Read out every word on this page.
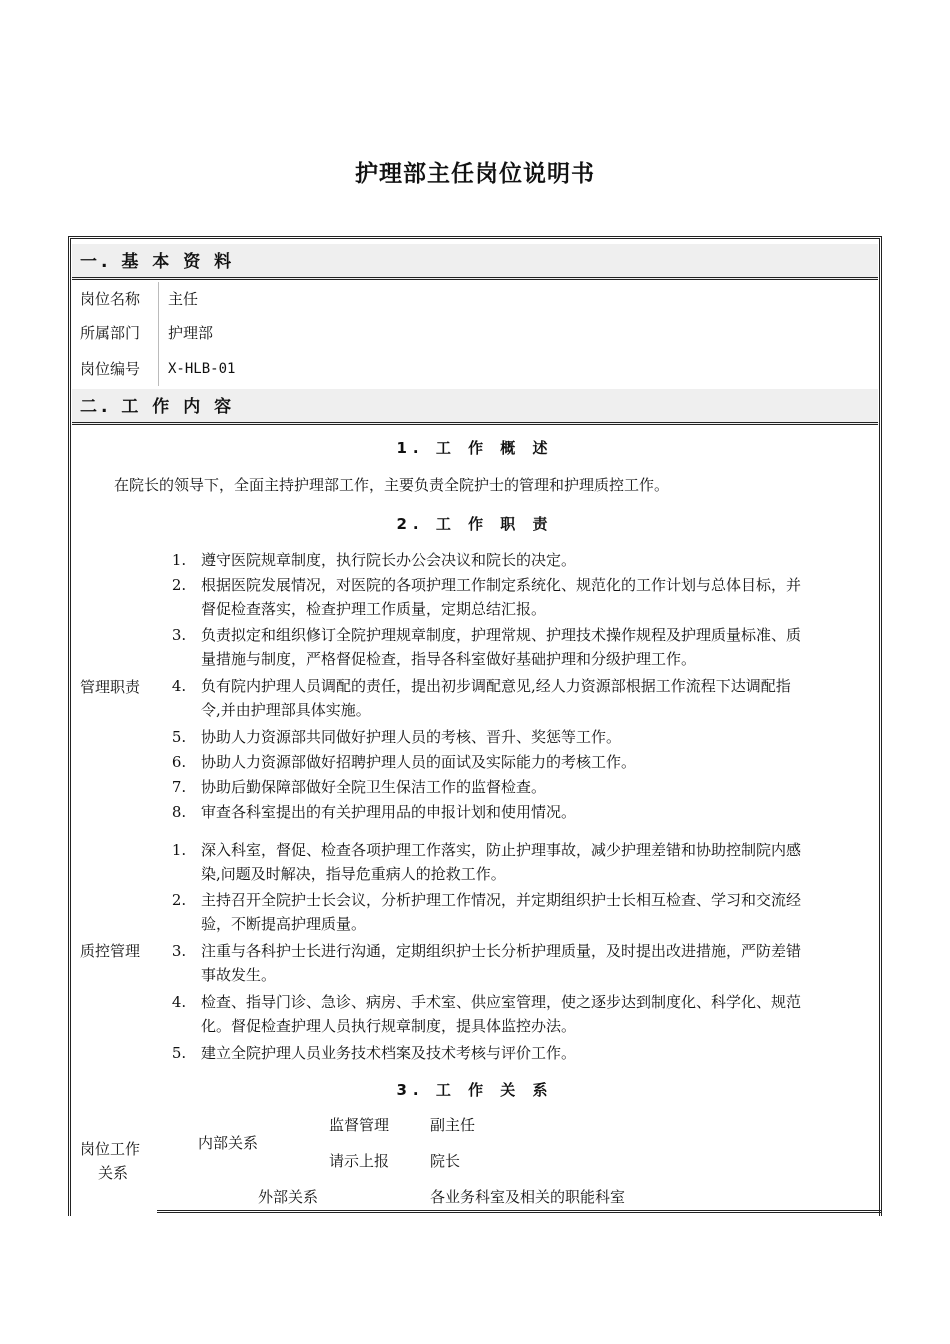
护理部主任岗位说明书
一. 基 本 资 料
岗位名称 主任
所属部门 护理部
岗位编号 X-HLB-01
二. 工 作 内 容
1. 工 作 概 述
在院长的领导下，全面主持护理部工作，主要负责全院护士的管理和护理质控工作。
2. 工 作 职 责
管理职责
1. 遵守医院规章制度，执行院长办公会决议和院长的决定。
2. 根据医院发展情况，对医院的各项护理工作制定系统化、规范化的工作计划与总体目标，并
督促检查落实，检查护理工作质量，定期总结汇报。
3. 负责拟定和组织修订全院护理规章制度，护理常规、护理技术操作规程及护理质量标准、质
量措施与制度，严格督促检查，指导各科室做好基础护理和分级护理工作。
4. 负有院内护理人员调配的责任，提出初步调配意见,经人力资源部根据工作流程下达调配指
令,并由护理部具体实施。
5. 协助人力资源部共同做好护理人员的考核、晋升、奖惩等工作。
6. 协助人力资源部做好招聘护理人员的面试及实际能力的考核工作。
7. 协助后勤保障部做好全院卫生保洁工作的监督检查。
8. 审查各科室提出的有关护理用品的申报计划和使用情况。
质控管理
1. 深入科室，督促、检查各项护理工作落实，防止护理事故，减少护理差错和协助控制院内感
染,问题及时解决，指导危重病人的抢救工作。
2. 主持召开全院护士长会议，分析护理工作情况，并定期组织护士长相互检查、学习和交流经
验，不断提高护理质量。
3. 注重与各科护士长进行沟通，定期组织护士长分析护理质量，及时提出改进措施，严防差错
事故发生。
4. 检查、指导门诊、急诊、病房、手术室、供应室管理，使之逐步达到制度化、科学化、规范
化。督促检查护理人员执行规章制度，提具体监控办法。
5. 建立全院护理人员业务技术档案及技术考核与评价工作。
3. 工 作 关 系
岗位工作
关系
内部关系
监督管理	副主任
请示上报	院长
外部关系	各业务科室及相关的职能科室
